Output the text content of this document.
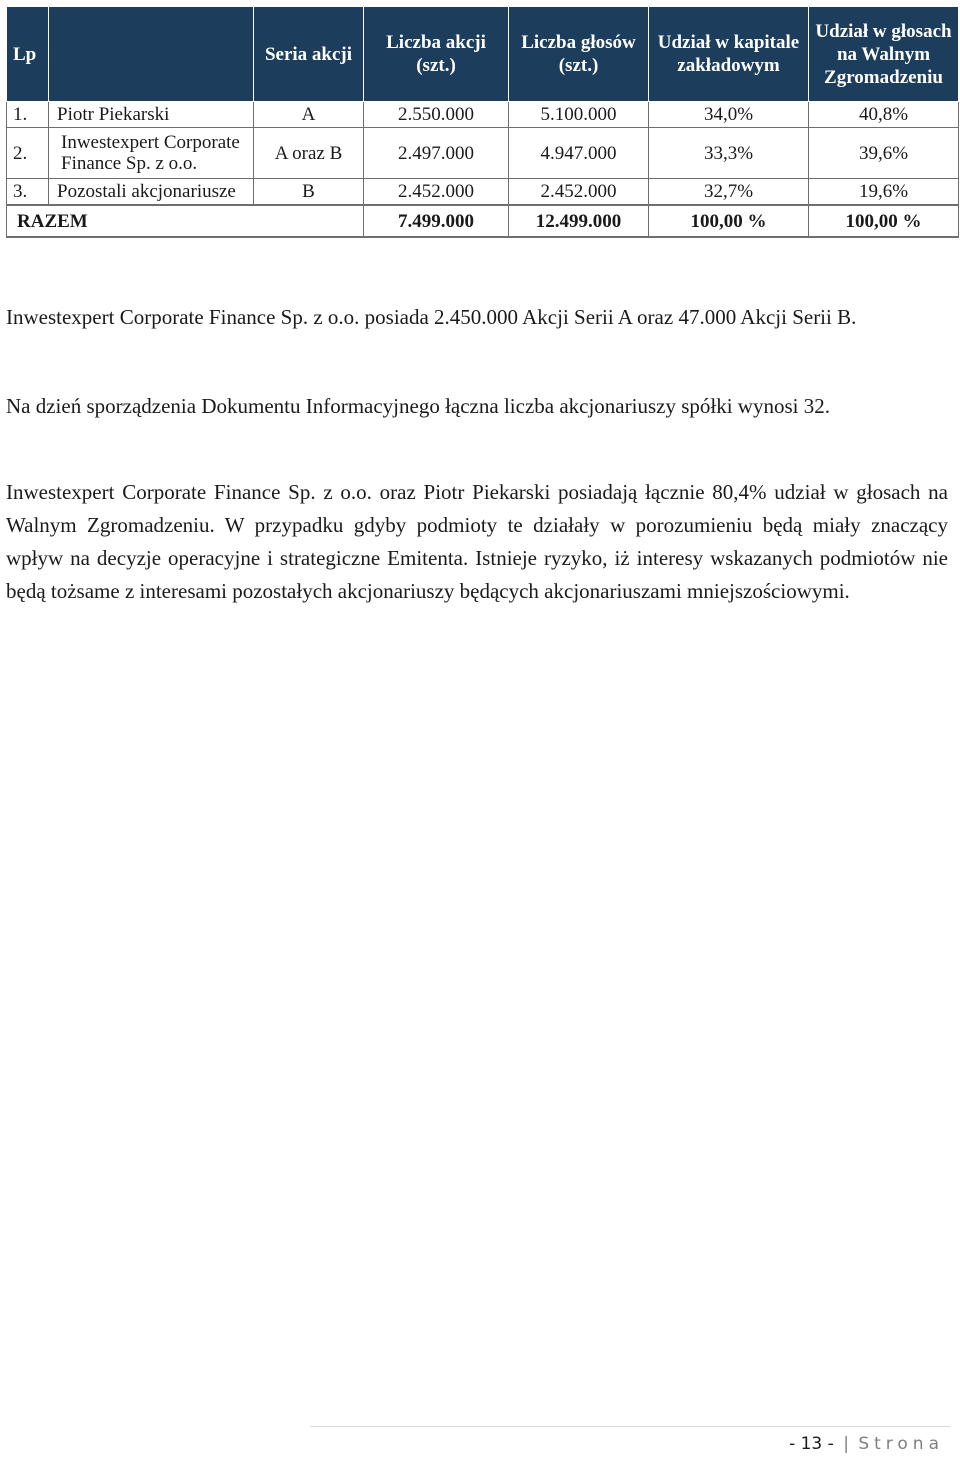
Lp		Seria akcji	Liczba akcji (szt.)	Liczba głosów (szt.)	Udział w kapitale zakładowym	Udział w głosach na Walnym Zgromadzeniu
1.	Piotr Piekarski	A	2.550.000	5.100.000	34,0%	40,8%
2.	Inwestexpert Corporate Finance Sp. z o.o.	A oraz B	2.497.000	4.947.000	33,3%	39,6%
3.	Pozostali akcjonariusze	B	2.452.000	2.452.000	32,7%	19,6%
RAZEM			7.499.000	12.499.000	100,00 %	100,00 %

Inwestexpert Corporate Finance Sp. z o.o. posiada 2.450.000 Akcji Serii A oraz 47.000 Akcji Serii B.

Na dzień sporządzenia Dokumentu Informacyjnego łączna liczba akcjonariuszy spółki wynosi 32.

Inwestexpert Corporate Finance Sp. z o.o. oraz Piotr Piekarski posiadają łącznie 80,4% udział w głosach na Walnym Zgromadzeniu. W przypadku gdyby podmioty te działały w porozumieniu będą miały znaczący wpływ na decyzje operacyjne i strategiczne Emitenta. Istnieje ryzyko, iż interesy wskazanych podmiotów nie będą tożsame z interesami pozostałych akcjonariuszy będących akcjonariuszami mniejszościowymi.

- 13 - | Strona
